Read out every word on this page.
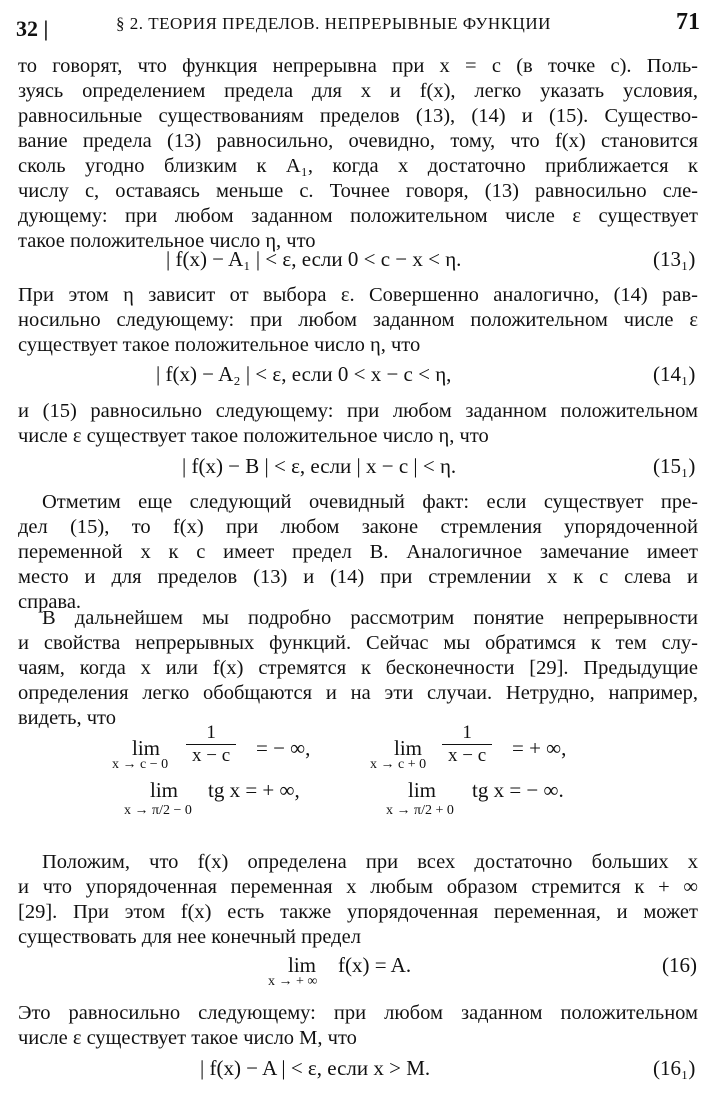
32 |	§ 2. ТЕОРИЯ ПРЕДЕЛОВ. НЕПРЕРЫВНЫЕ ФУНКЦИИ	71
то говорят, что функция непрерывна при x = c (в точке c). Поль-
зуясь определением предела для x и f(x), легко указать условия,
равносильные существованиям пределов (13), (14) и (15). Существо-
вание предела (13) равносильно, очевидно, тому, что f(x) становится
сколь угодно близким к A₁, когда x достаточно приближается к
числу c, оставаясь меньше c. Точнее говоря, (13) равносильно сле-
дующему: при любом заданном положительном числе ε существует
такое положительное число η, что
| f(x) − A₁ | < ε, если 0 < c − x < η.	(13₁)
При этом η зависит от выбора ε. Совершенно аналогично, (14) рав-
носильно следующему: при любом заданном положительном числе ε
существует такое положительное число η, что
| f(x) − A₂ | < ε, если 0 < x − c < η,	(14₁)
и (15) равносильно следующему: при любом заданном положительном
числе ε существует такое положительное число η, что
| f(x) − B | < ε, если | x − c | < η.	(15₁)
Отметим еще следующий очевидный факт: если существует пре-
дел (15), то f(x) при любом законе стремления упорядоченной
переменной x к c имеет предел B. Аналогичное замечание имеет
место и для пределов (13) и (14) при стремлении x к c слева и
справа.
В дальнейшем мы подробно рассмотрим понятие непрерывности
и свойства непрерывных функций. Сейчас мы обратимся к тем слу-
чаям, когда x или f(x) стремятся к бесконечности [29]. Предыдущие
определения легко обобщаются и на эти случаи. Нетрудно, например,
видеть, что
lim
$x \to c - 0 \frac{1}{x - c}$ = − ∞,	lim
$x \to c + 0 \frac{1}{x - c}$ = + ∞,
lim
x → π/2 − 0
tg x = + ∞,	lim
x → π/2 + 0
tg x = − ∞.
Положим, что f(x) определена при всех достаточно больших x
и что упорядоченная переменная x любым образом стремится к + ∞
[29]. При этом f(x) есть также упорядоченная переменная, и может
существовать для нее конечный предел
lim
x → + ∞
f(x) = A.	(16)
Это равносильно следующему: при любом заданном положительном
числе ε существует такое число M, что
| f(x) − A | < ε, если x > M.	(16₁)
